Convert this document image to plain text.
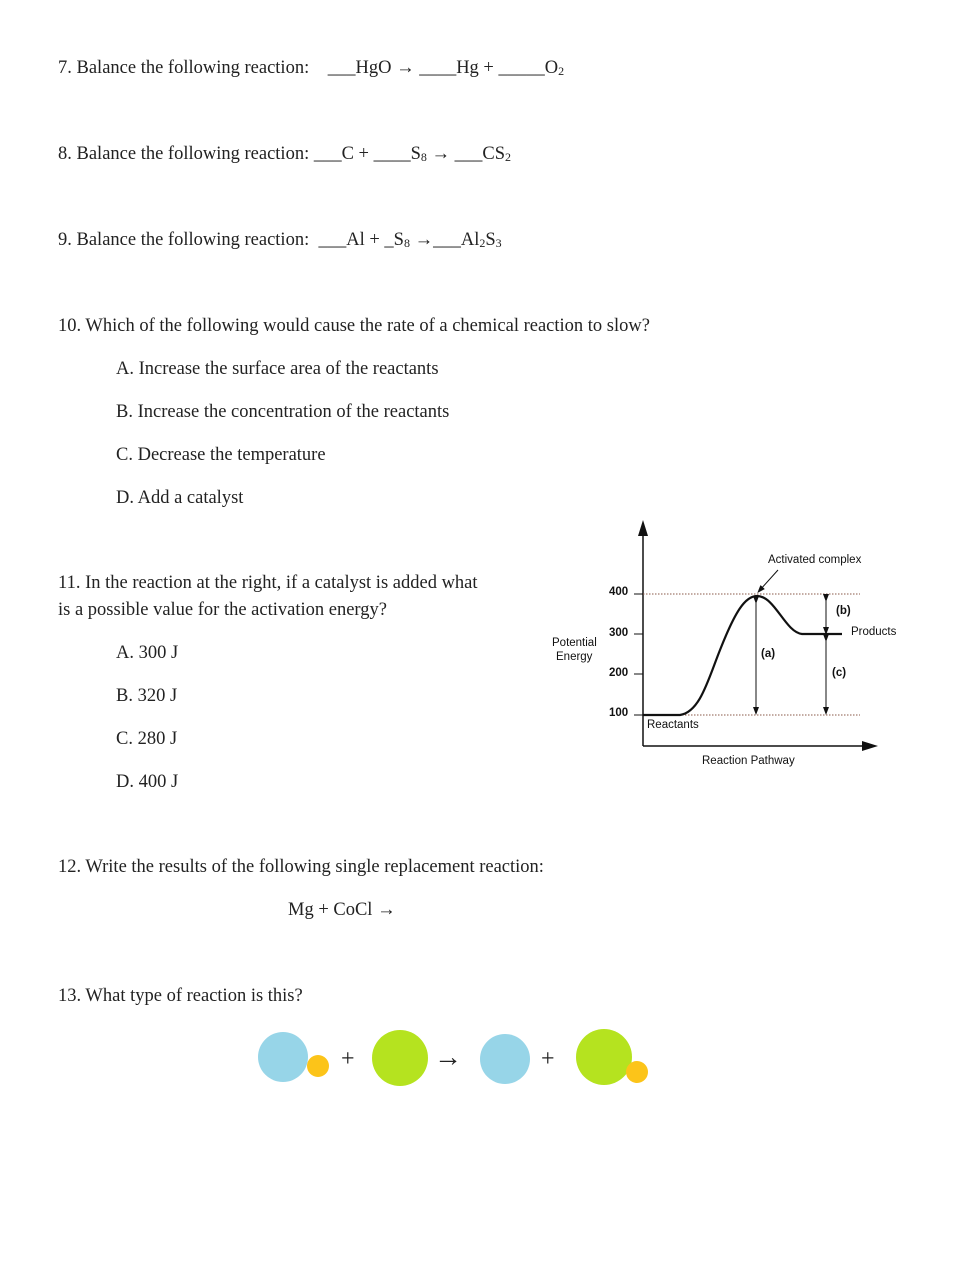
7. Balance the following reaction: ___HgO → ____Hg + $\_\_\_\_\_O_2$
8. Balance the following reaction: ___C + $\_\_\_\_S_8$ → $\_\_\_CS_2$
9. Balance the following reaction: ___Al + $\_S_8$ $\to\_\_\_Al_2S_3$
10. Which of the following would cause the rate of a chemical reaction to slow?
A. Increase the surface area of the reactants
B. Increase the concentration of the reactants
C. Decrease the temperature
D. Add a catalyst
11. In the reaction at the right, if a catalyst is added what
is a possible value for the activation energy?
A. 300 J
B. 320 J
C. 280 J
D. 400 J
Potential
Energy
400
300
200
100
Activated complex
Products
Reactants
Reaction Pathway
(a)
(b)
(c)
12. Write the results of the following single replacement reaction:
Mg + CoCl →
13. What type of reaction is this?
+	→	+
